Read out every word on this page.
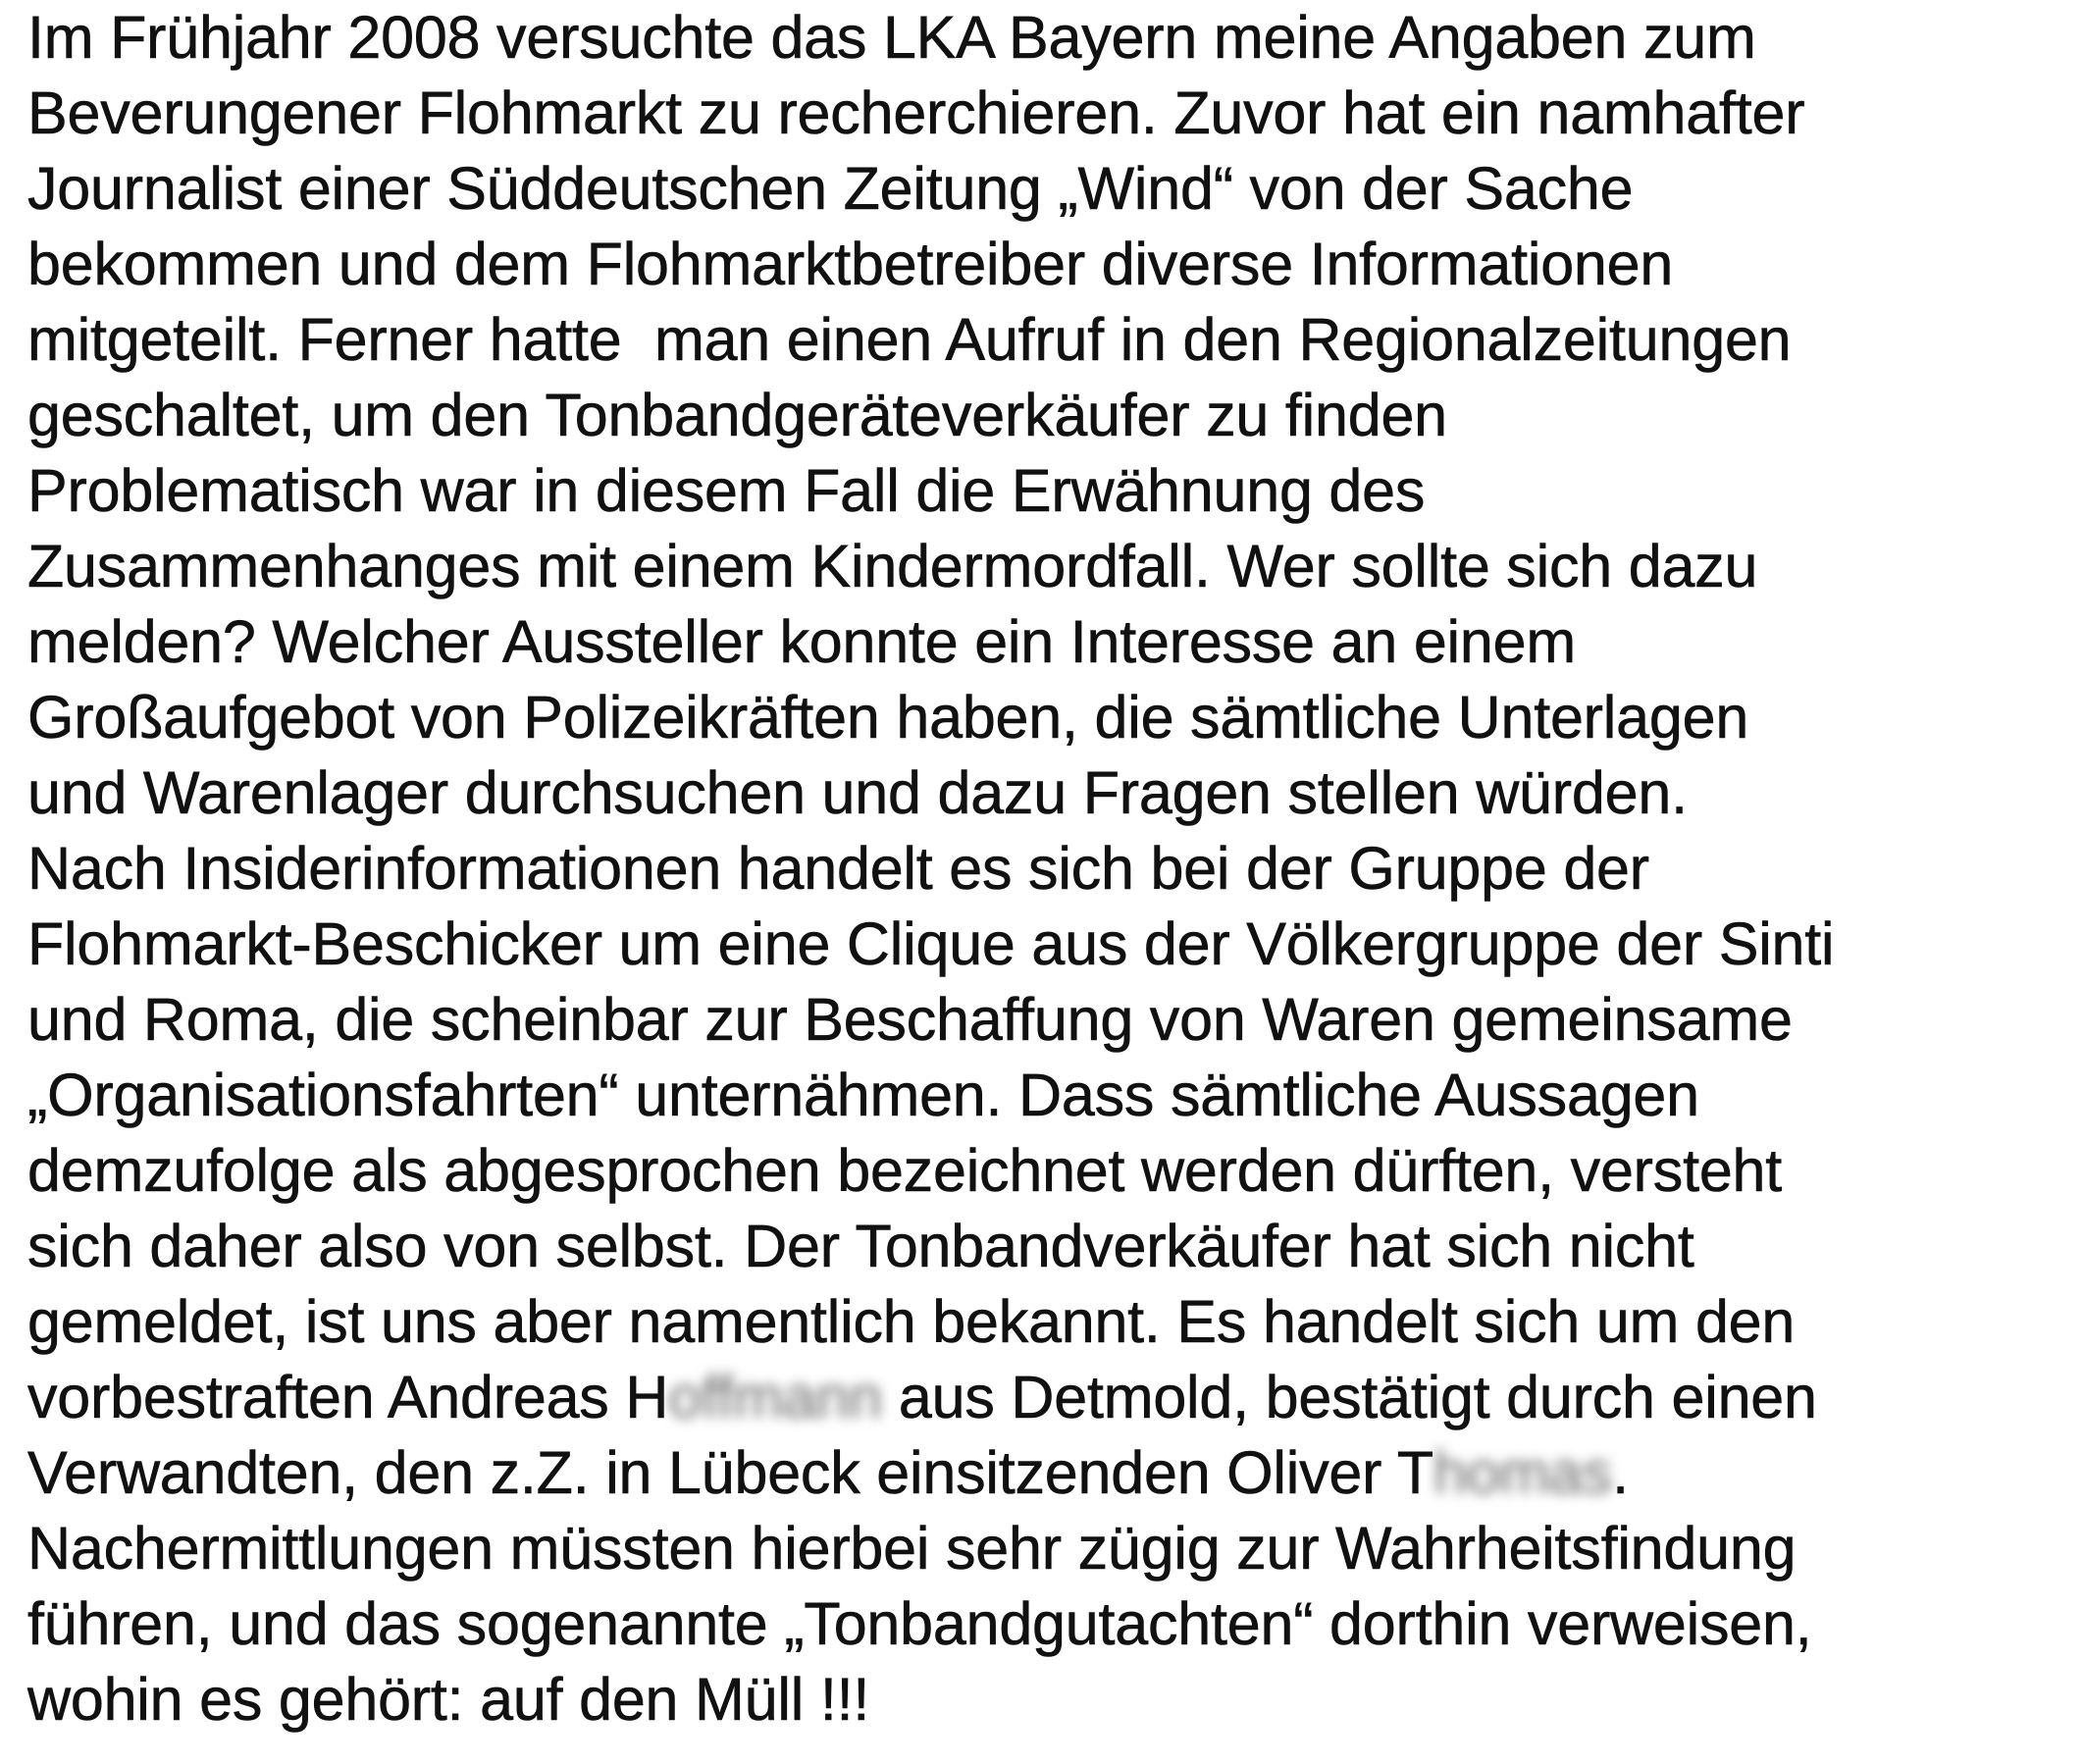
Im Frühjahr 2008 versuchte das LKA Bayern meine Angaben zum
Beverungener Flohmarkt zu recherchieren. Zuvor hat ein namhafter
Journalist einer Süddeutschen Zeitung „Wind“ von der Sache
bekommen und dem Flohmarktbetreiber diverse Informationen
mitgeteilt. Ferner hatte  man einen Aufruf in den Regionalzeitungen
geschaltet, um den Tonbandgeräteverkäufer zu finden
Problematisch war in diesem Fall die Erwähnung des
Zusammenhanges mit einem Kindermordfall. Wer sollte sich dazu
melden? Welcher Aussteller konnte ein Interesse an einem
Großaufgebot von Polizeikräften haben, die sämtliche Unterlagen
und Warenlager durchsuchen und dazu Fragen stellen würden.
Nach Insiderinformationen handelt es sich bei der Gruppe der
Flohmarkt-Beschicker um eine Clique aus der Völkergruppe der Sinti
und Roma, die scheinbar zur Beschaffung von Waren gemeinsame
„Organisationsfahrten“ unternähmen. Dass sämtliche Aussagen
demzufolge als abgesprochen bezeichnet werden dürften, versteht
sich daher also von selbst. Der Tonbandverkäufer hat sich nicht
gemeldet, ist uns aber namentlich bekannt. Es handelt sich um den
vorbestraften Andreas Hoffmann aus Detmold, bestätigt durch einen
Verwandten, den z.Z. in Lübeck einsitzenden Oliver Thomas.
Nachermittlungen müssten hierbei sehr zügig zur Wahrheitsfindung
führen, und das sogenannte „Tonbandgutachten“ dorthin verweisen,
wohin es gehört: auf den Müll !!!
